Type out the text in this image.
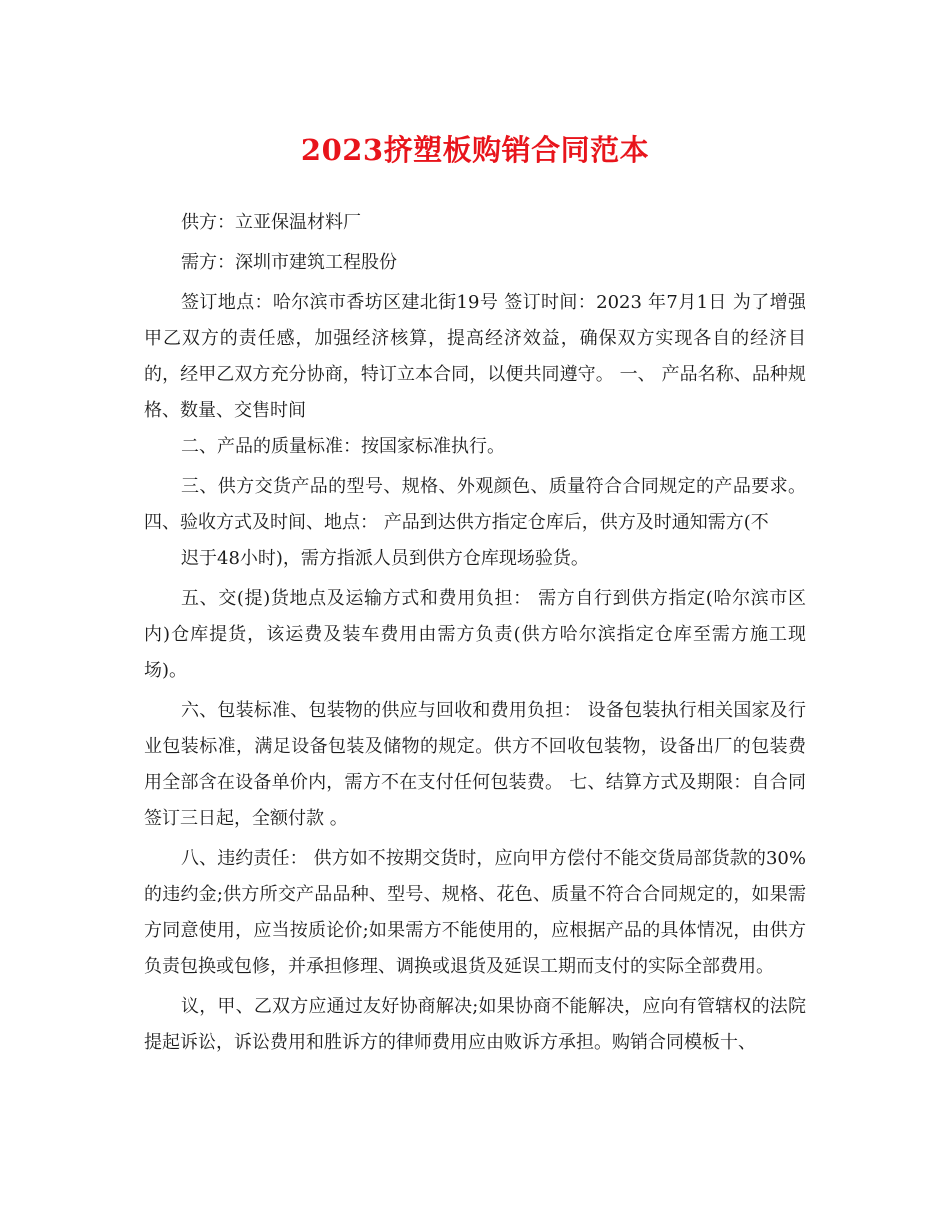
2023挤塑板购销合同范本

供方：立亚保温材料厂

需方：深圳市建筑工程股份

签订地点：哈尔滨市香坊区建北街19号 签订时间：2023 年7月1日 为了增强甲乙双方的责任感，加强经济核算，提高经济效益，确保双方实现各自的经济目的，经甲乙双方充分协商，特订立本合同，以便共同遵守。 一、 产品名称、品种规格、数量、交售时间

二、产品的质量标准：按国家标准执行。

三、供方交货产品的型号、规格、外观颜色、质量符合合同规定的产品要求。 四、验收方式及时间、地点： 产品到达供方指定仓库后，供方及时通知需方(不

迟于48小时)，需方指派人员到供方仓库现场验货。

五、交(提)货地点及运输方式和费用负担： 需方自行到供方指定(哈尔滨市区内)仓库提货，该运费及装车费用由需方负责(供方哈尔滨指定仓库至需方施工现场)。

六、包装标准、包装物的供应与回收和费用负担： 设备包装执行相关国家及行业包装标准，满足设备包装及储物的规定。供方不回收包装物，设备出厂的包装费用全部含在设备单价内，需方不在支付任何包装费。 七、结算方式及期限：自合同签订三日起，全额付款 。

八、违约责任： 供方如不按期交货时，应向甲方偿付不能交货局部货款的30%的违约金;供方所交产品品种、型号、规格、花色、质量不符合合同规定的，如果需方同意使用，应当按质论价;如果需方不能使用的，应根据产品的具体情况，由供方负责包换或包修，并承担修理、调换或退货及延误工期而支付的实际全部费用。

议，甲、乙双方应通过友好协商解决;如果协商不能解决，应向有管辖权的法院提起诉讼，诉讼费用和胜诉方的律师费用应由败诉方承担。购销合同模板十、
